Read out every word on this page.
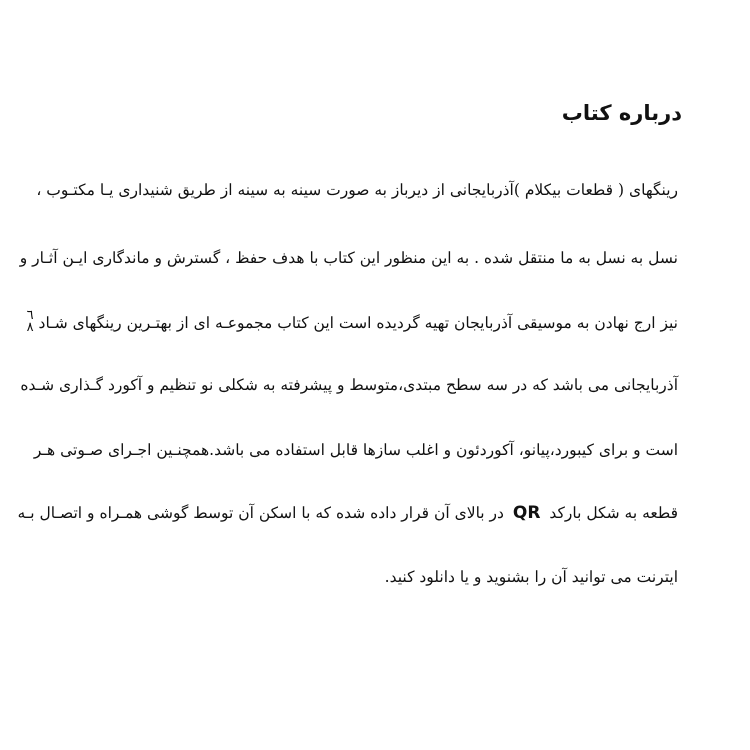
درباره کتاب

رینگهای ( قطعات بیکلام )آذربایجانی از دیرباز به صورت سینه به سینه از طریق شنیداری یـا مکتـوب ،

نسل به نسل به ما منتقل شده . به این منظور این کتاب با هدف حفظ ، گسترش و ماندگاری ایـن آثـار و

نیز ارج نهادن به موسیقی آذربایجان تهیه گردیده است این کتاب مجموعـه ای از بهتـرین رینگهای شـاد
٦
٨

آذربایجانی می باشد که در سه سطح مبتدی،متوسط و پیشرفته به شکلی نو تنظیم و آکورد گـذاری شـده

است و برای کیبورد،پیانو، آکوردئون و اغلب سازها قابل استفاده می باشد.همچنـین اجـرای صـوتی هـر

قطعه به شکل بارکد QR در بالای آن قرار داده شده که با اسکن آن توسط گوشی همـراه و اتصـال بـه

ایترنت می توانید آن را بشنوید و یا دانلود کنید.
